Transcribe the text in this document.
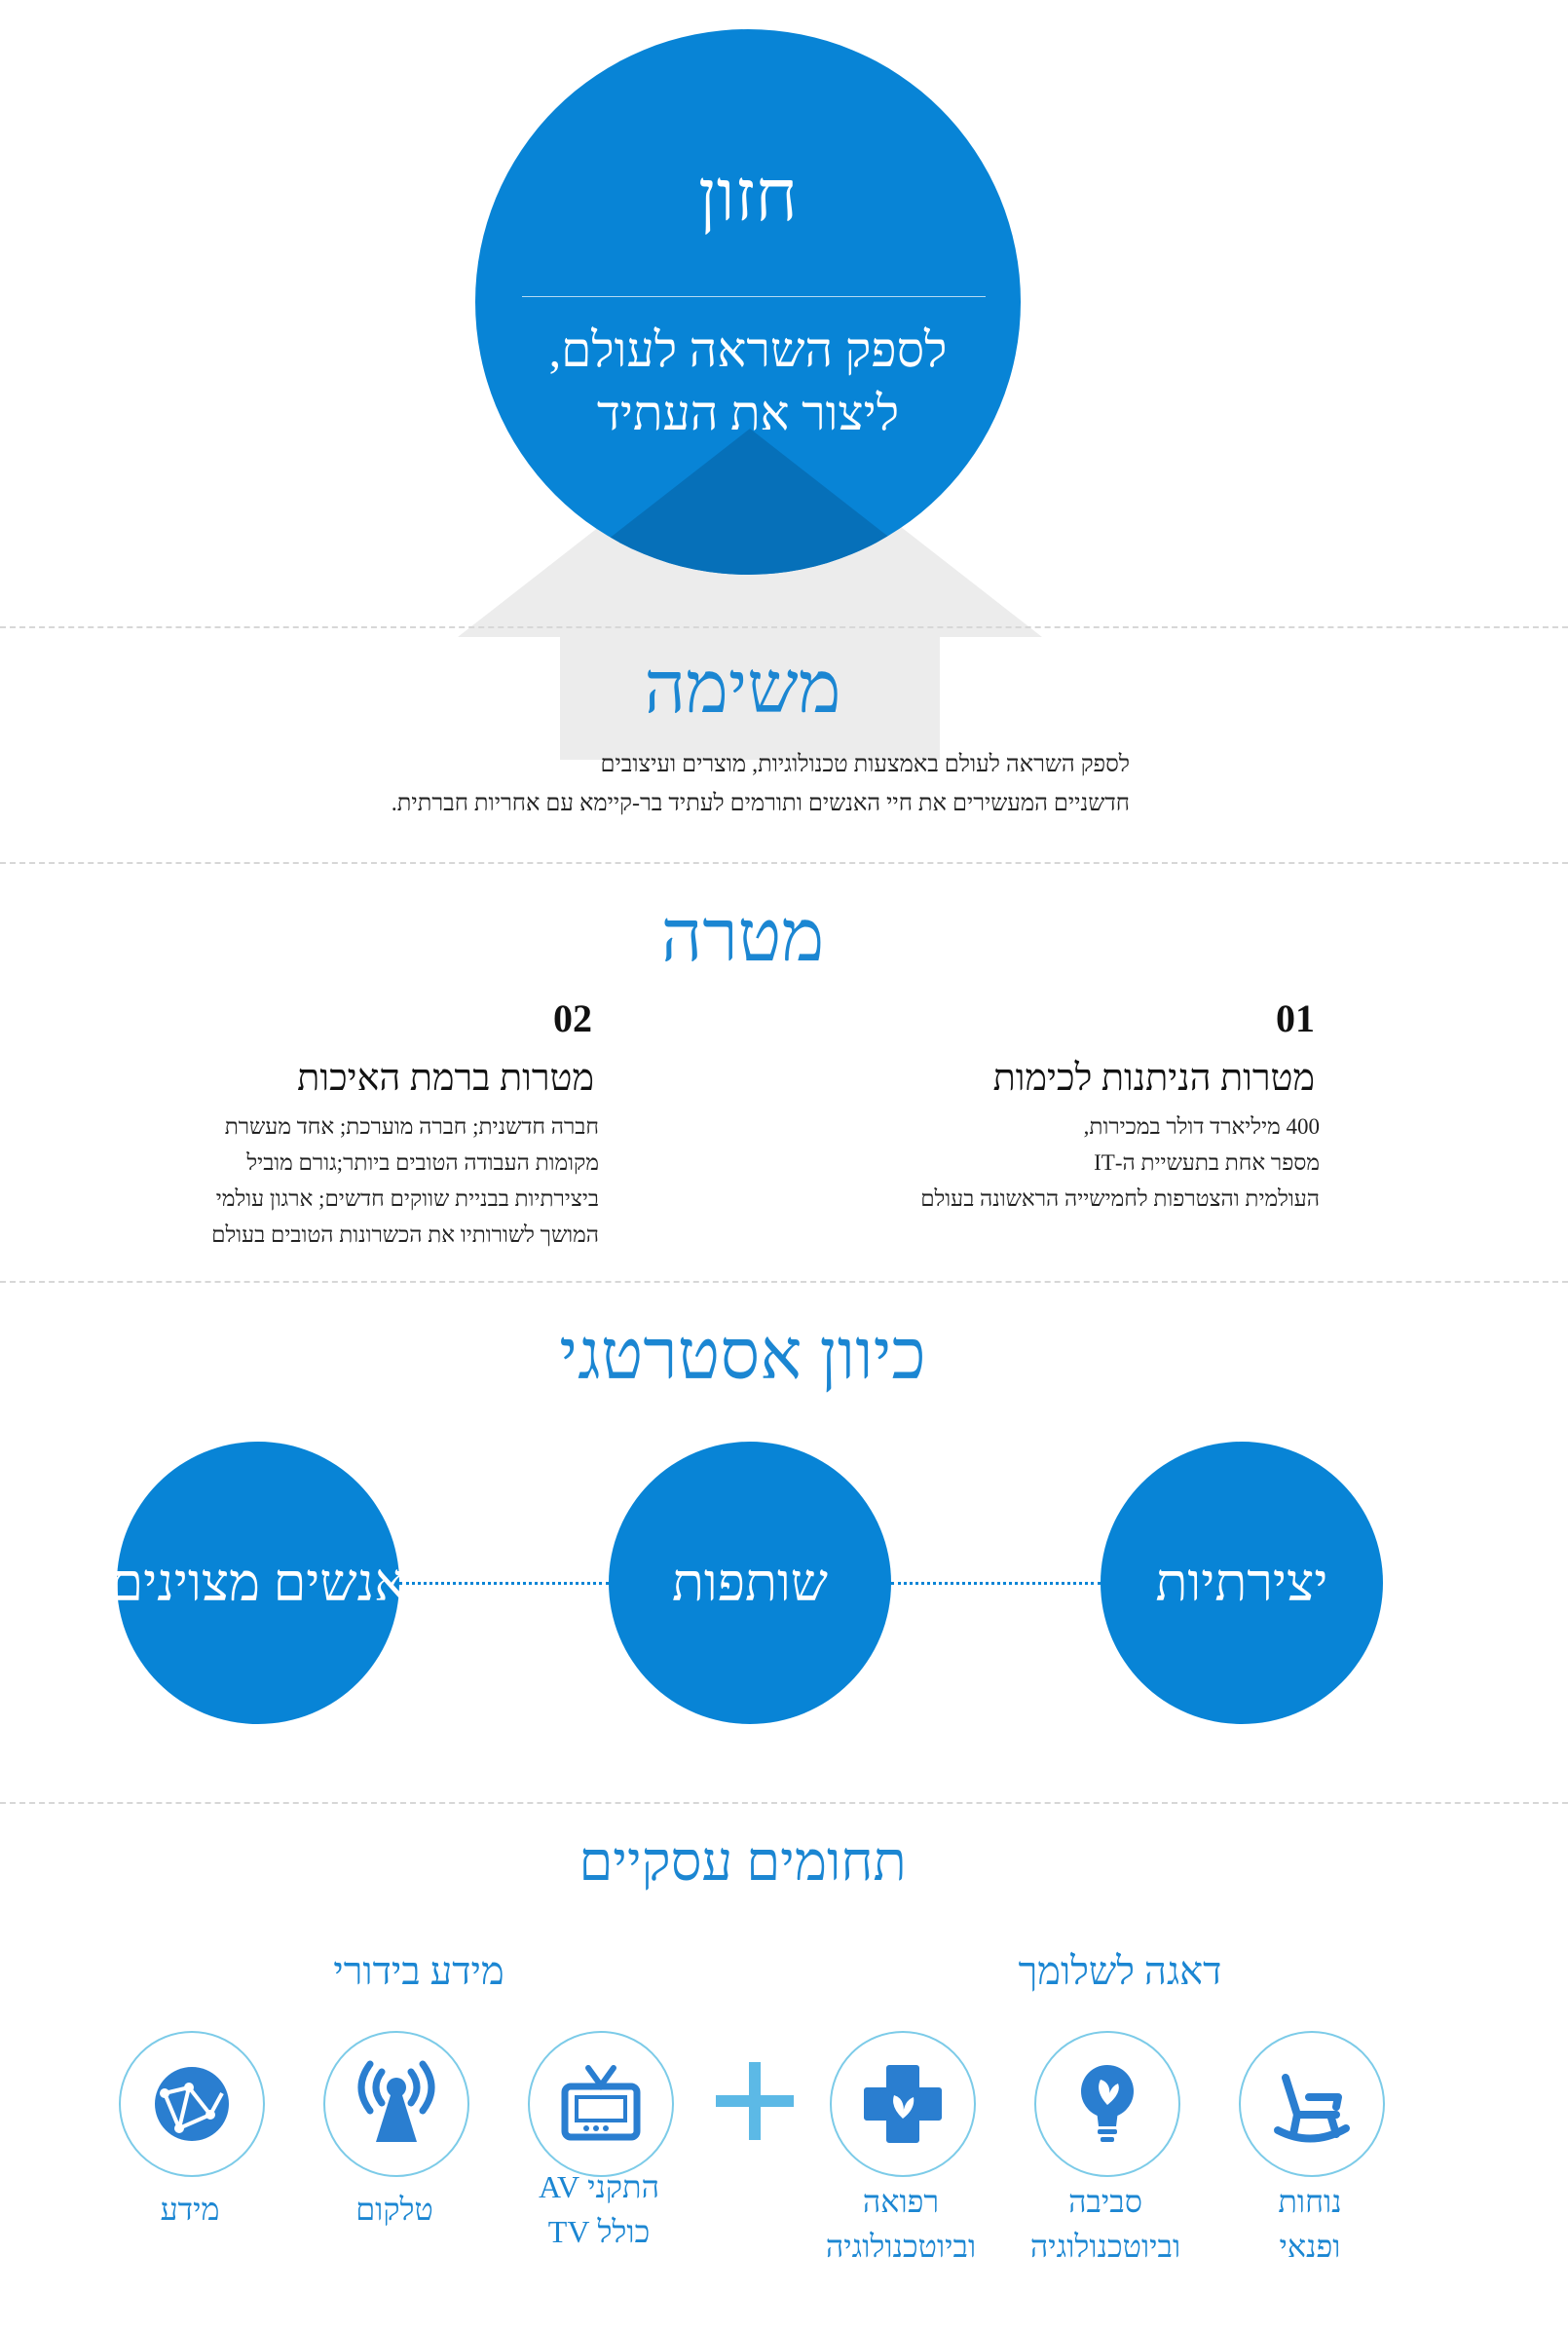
חזון
לספק השראה לעולם,
ליצור את העתיד
משימה
לספק השראה לעולם באמצעות טכנולוגיות, מוצרים ועיצובים
חדשניים המעשירים את חיי האנשים ותורמים לעתיד בר-קיימא עם אחריות חברתית.
מטרה
01
02
מטרות הניתנות לכימות
מטרות ברמת האיכות
400 מיליארד דולר במכירות,
מספר אחת בתעשיית ה-IT
העולמית והצטרפות לחמישייה הראשונה בעולם
חברה חדשנית; חברה מוערכת; אחד מעשרת
מקומות העבודה הטובים ביותר;גורם מוביל
ביצירתיות בבניית שווקים חדשים; ארגון עולמי
המושך לשורותיו את הכשרונות הטובים בעולם
כיוון אסטרטגי
יצירתיות
שותפות
אנשים מצוינים
תחומים עסקיים
דאגה לשלומך
מידע בידורי
נוחות
ופנאי
סביבה
וביוטכנולוגיה
רפואה
וביוטכנולוגיה
התקני AV
כולל TV
טלקום
מידע
